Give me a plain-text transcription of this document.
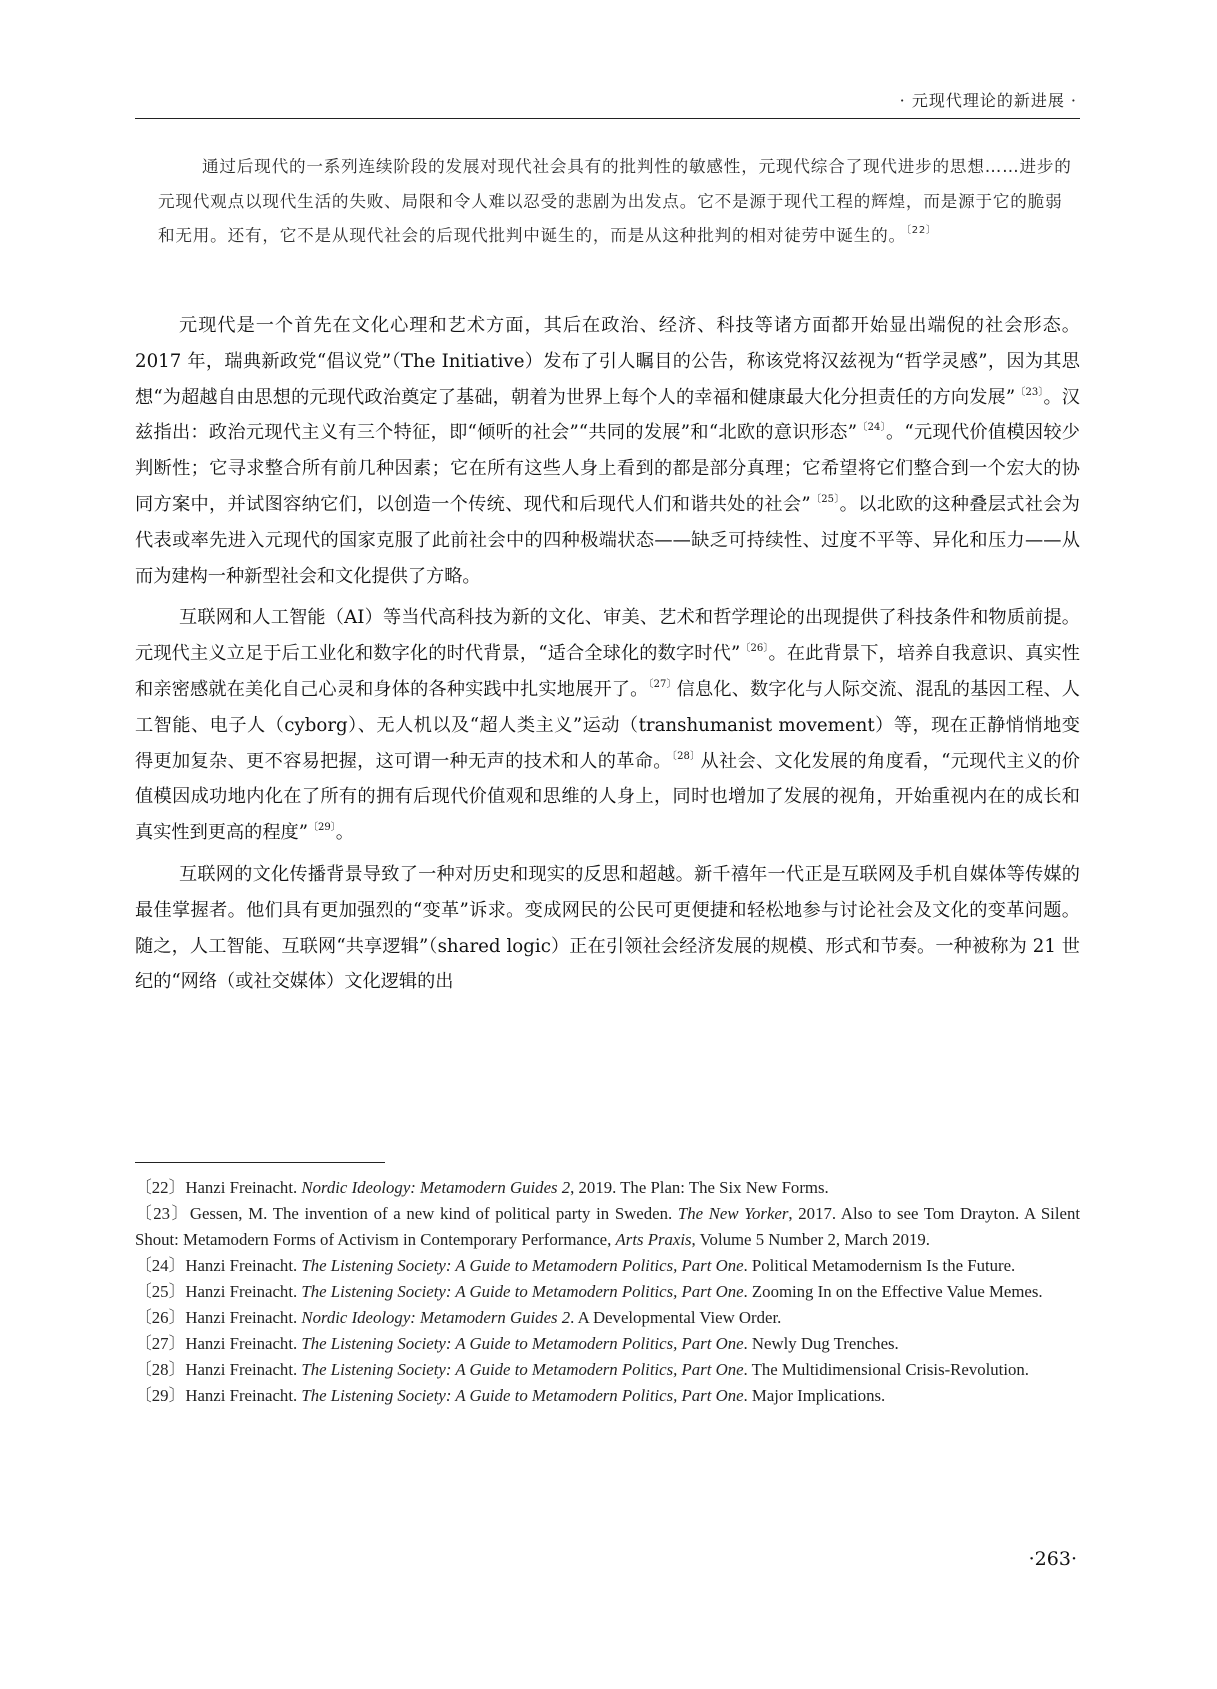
· 元现代理论的新进展 ·
通过后现代的一系列连续阶段的发展对现代社会具有的批判性的敏感性，元现代综合了现代进步的思想……进步的元现代观点以现代生活的失败、局限和令人难以忍受的悲剧为出发点。它不是源于现代工程的辉煌，而是源于它的脆弱和无用。还有，它不是从现代社会的后现代批判中诞生的，而是从这种批判的相对徒劳中诞生的。$^{〔22〕}$

元现代是一个首先在文化心理和艺术方面，其后在政治、经济、科技等诸方面都开始显出端倪的社会形态。2017 年，瑞典新政党“倡议党”（The Initiative）发布了引人瞩目的公告，称该党将汉兹视为“哲学灵感”，因为其思想“为超越自由思想的元现代政治奠定了基础，朝着为世界上每个人的幸福和健康最大化分担责任的方向发展”$^{〔23〕}$。汉兹指出：政治元现代主义有三个特征，即“倾听的社会”“共同的发展”和“北欧的意识形态”$^{〔24〕}$。“元现代价值模因较少判断性；它寻求整合所有前几种因素；它在所有这些人身上看到的都是部分真理；它希望将它们整合到一个宏大的协同方案中，并试图容纳它们，以创造一个传统、现代和后现代人们和谐共处的社会”$^{〔25〕}$。以北欧的这种叠层式社会为代表或率先进入元现代的国家克服了此前社会中的四种极端状态——缺乏可持续性、过度不平等、异化和压力——从而为建构一种新型社会和文化提供了方略。

互联网和人工智能（AI）等当代高科技为新的文化、审美、艺术和哲学理论的出现提供了科技条件和物质前提。元现代主义立足于后工业化和数字化的时代背景，“适合全球化的数字时代”$^{〔26〕}$。在此背景下，培养自我意识、真实性和亲密感就在美化自己心灵和身体的各种实践中扎实地展开了。$^{〔27〕}$信息化、数字化与人际交流、混乱的基因工程、人工智能、电子人（cyborg）、无人机以及“超人类主义”运动（transhumanist movement）等，现在正静悄悄地变得更加复杂、更不容易把握，这可谓一种无声的技术和人的革命。$^{〔28〕}$从社会、文化发展的角度看，“元现代主义的价值模因成功地内化在了所有的拥有后现代价值观和思维的人身上，同时也增加了发展的视角，开始重视内在的成长和真实性到更高的程度”$^{〔29〕}$。

互联网的文化传播背景导致了一种对历史和现实的反思和超越。新千禧年一代正是互联网及手机自媒体等传媒的最佳掌握者。他们具有更加强烈的“变革”诉求。变成网民的公民可更便捷和轻松地参与讨论社会及文化的变革问题。随之，人工智能、互联网“共享逻辑”（shared logic）正在引领社会经济发展的规模、形式和节奏。一种被称为 21 世纪的“网络（或社交媒体）文化逻辑的出

〔22〕Hanzi Freinacht. Nordic Ideology: Metamodern Guides 2, 2019. The Plan: The Six New Forms.
〔23〕Gessen, M. The invention of a new kind of political party in Sweden. The New Yorker, 2017. Also to see Tom Drayton. A Silent Shout: Metamodern Forms of Activism in Contemporary Performance, Arts Praxis, Volume 5 Number 2, March 2019.
〔24〕Hanzi Freinacht. The Listening Society: A Guide to Metamodern Politics, Part One. Political Metamodernism Is the Future.
〔25〕Hanzi Freinacht. The Listening Society: A Guide to Metamodern Politics, Part One. Zooming In on the Effective Value Memes.
〔26〕Hanzi Freinacht. Nordic Ideology: Metamodern Guides 2. A Developmental View Order.
〔27〕Hanzi Freinacht. The Listening Society: A Guide to Metamodern Politics, Part One. Newly Dug Trenches.
〔28〕Hanzi Freinacht. The Listening Society: A Guide to Metamodern Politics, Part One. The Multidimensional Crisis-Revolution.
〔29〕Hanzi Freinacht. The Listening Society: A Guide to Metamodern Politics, Part One. Major Implications.
·263·
